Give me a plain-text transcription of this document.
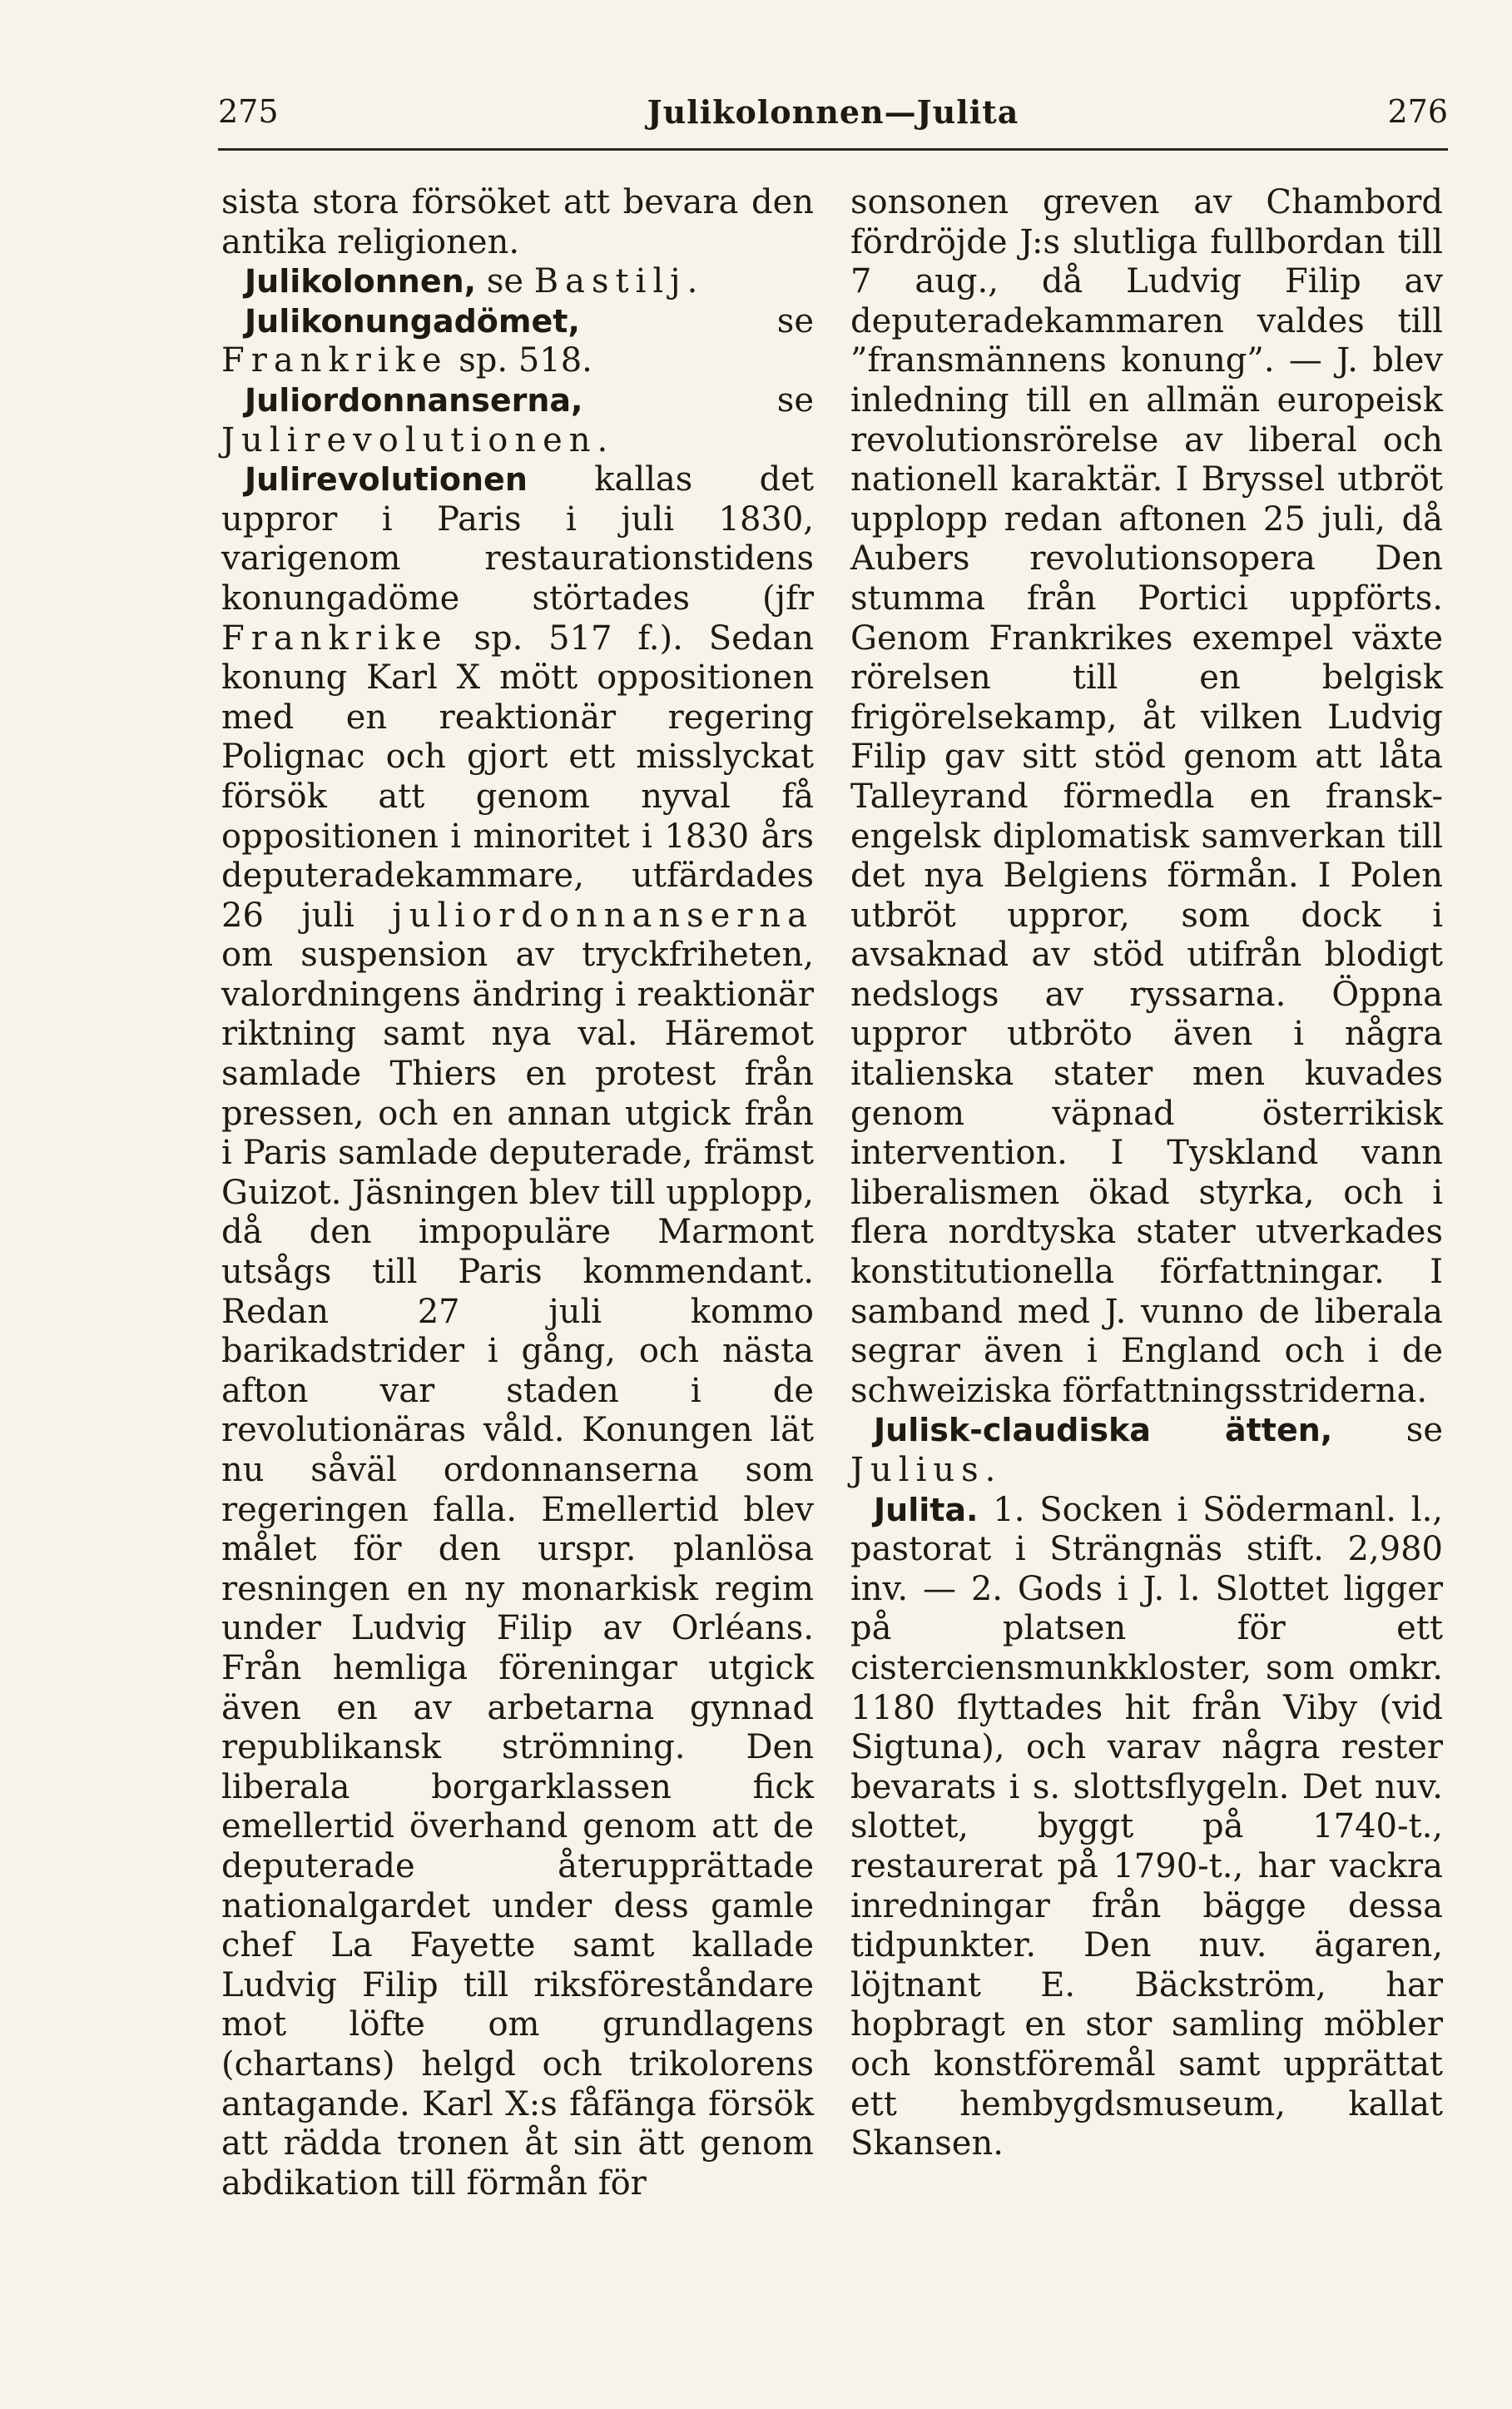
275	Julikolonnen—Julita	276

sista stora försöket att bevara den antika religionen.

Julikolonnen, se Bastilj.

Julikonungadömet, se Frankrike sp. 518.

Juliordonnanserna, se Julirevolutionen.

Julirevolutionen kallas det uppror i Paris i juli 1830, varigenom restaurationstidens konungadöme störtades (jfr Frankrike sp. 517 f.). Sedan konung Karl X mött oppositionen med en reaktionär regering Polignac och gjort ett misslyckat försök att genom nyval få oppositionen i minoritet i 1830 års deputeradekammare, utfärdades 26 juli juliordonnanserna om suspension av tryckfriheten, valordningens ändring i reaktionär riktning samt nya val. Häremot samlade Thiers en protest från pressen, och en annan utgick från i Paris samlade deputerade, främst Guizot. Jäsningen blev till upplopp, då den impopuläre Marmont utsågs till Paris kommendant. Redan 27 juli kommo barikadstrider i gång, och nästa afton var staden i de revolutionäras våld. Konungen lät nu såväl ordonnanserna som regeringen falla. Emellertid blev målet för den urspr. planlösa resningen en ny monarkisk regim under Ludvig Filip av Orléans. Från hemliga föreningar utgick även en av arbetarna gynnad republikansk strömning. Den liberala borgarklassen fick emellertid överhand genom att de deputerade återupprättade nationalgardet under dess gamle chef La Fayette samt kallade Ludvig Filip till riksföreståndare mot löfte om grundlagens (chartans) helgd och trikolorens antagande. Karl X:s fåfänga försök att rädda tronen åt sin ätt genom abdikation till förmån för

sonsonen greven av Chambord fördröjde J:s slutliga fullbordan till 7 aug., då Ludvig Filip av deputeradekammaren valdes till ”fransmännens konung”. — J. blev inledning till en allmän europeisk revolutionsrörelse av liberal och nationell karaktär. I Bryssel utbröt upplopp redan aftonen 25 juli, då Aubers revolutionsopera Den stumma från Portici uppförts. Genom Frankrikes exempel växte rörelsen till en belgisk frigörelsekamp, åt vilken Ludvig Filip gav sitt stöd genom att låta Talleyrand förmedla en fransk-engelsk diplomatisk samverkan till det nya Belgiens förmån. I Polen utbröt uppror, som dock i avsaknad av stöd utifrån blodigt nedslogs av ryssarna. Öppna uppror utbröto även i några italienska stater men kuvades genom väpnad österrikisk intervention. I Tyskland vann liberalismen ökad styrka, och i flera nordtyska stater utverkades konstitutionella författningar. I samband med J. vunno de liberala segrar även i England och i de schweiziska författningsstriderna.

Julisk-claudiska ätten, se Julius.

Julita. 1. Socken i Södermanl. l., pastorat i Strängnäs stift. 2,980 inv. — 2. Gods i J. l. Slottet ligger på platsen för ett cisterciensmunkkloster, som omkr. 1180 flyttades hit från Viby (vid Sigtuna), och varav några rester bevarats i s. slottsflygeln. Det nuv. slottet, byggt på 1740-t., restaurerat på 1790-t., har vackra inredningar från bägge dessa tidpunkter. Den nuv. ägaren, löjtnant E. Bäckström, har hopbragt en stor samling möbler och konstföremål samt upprättat ett hembygdsmuseum, kallat Skansen.
